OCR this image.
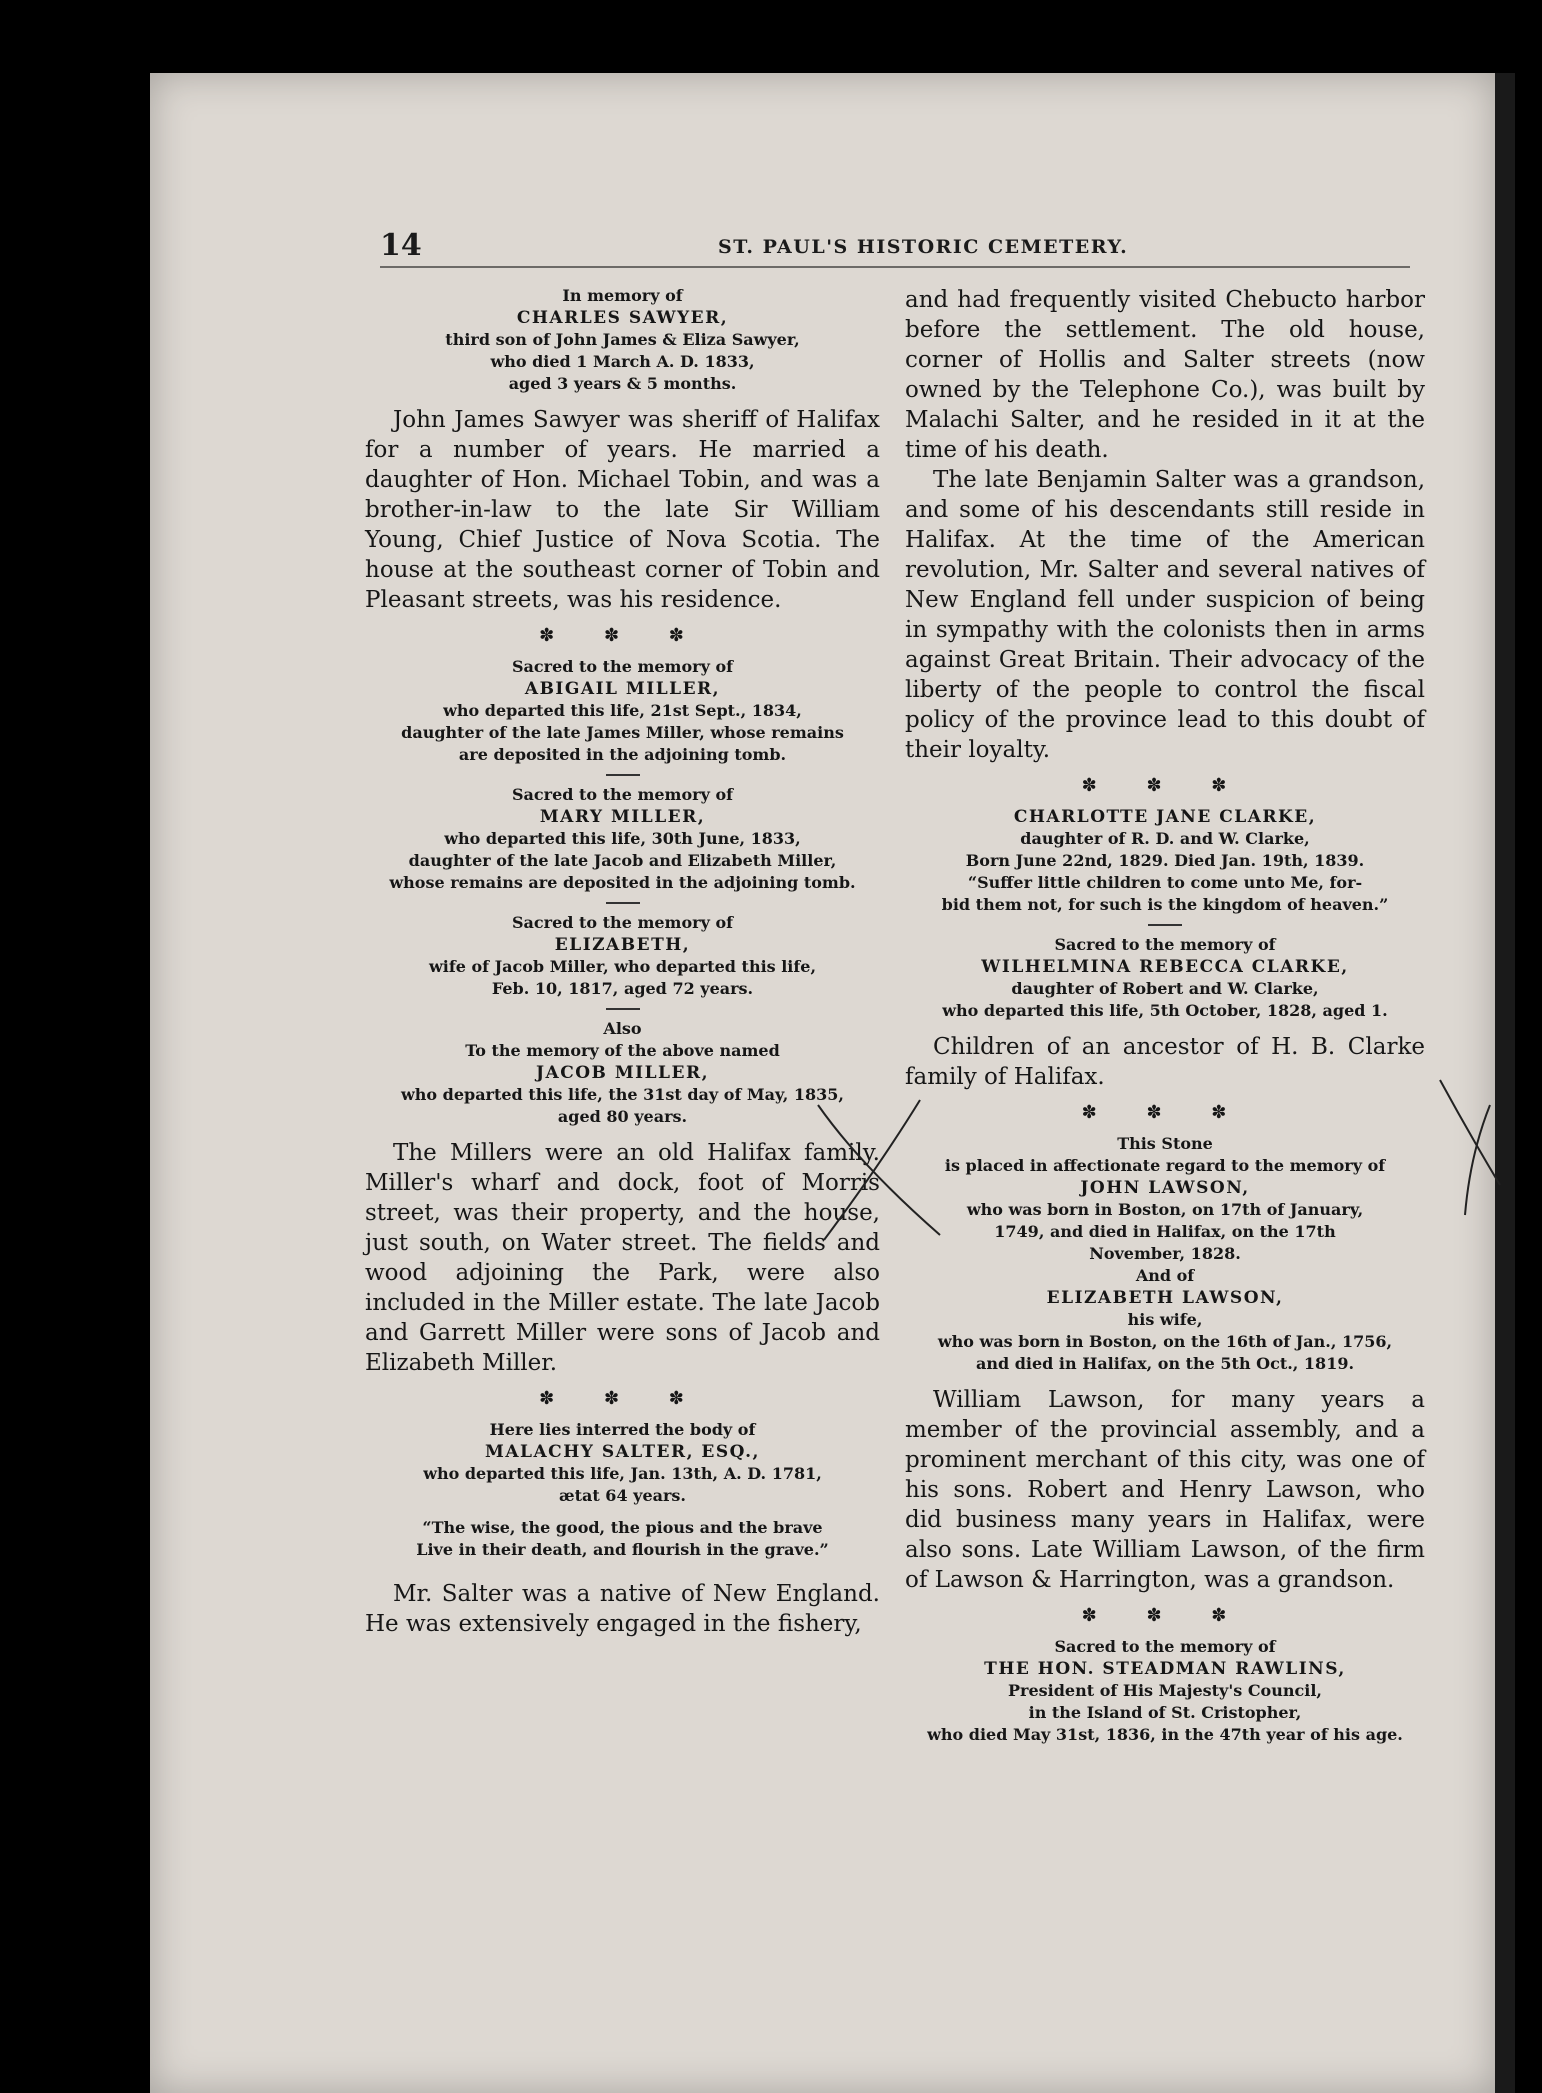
14	ST. PAUL'S HISTORIC CEMETERY.

In memory of

CHARLES SAWYER,

third son of John James & Eliza Sawyer,

who died 1 March A. D. 1833,

aged 3 years & 5 months.

John James Sawyer was sheriff of Halifax for a number of years. He married a daughter of Hon. Michael Tobin, and was a brother-in-law to the late Sir William Young, Chief Justice of Nova Scotia. The house at the southeast corner of Tobin and Pleasant streets, was his residence.

✽ ✽ ✽

Sacred to the memory of

ABIGAIL MILLER,

who departed this life, 21st Sept., 1834,

daughter of the late James Miller, whose remains

are deposited in the adjoining tomb.

Sacred to the memory of

MARY MILLER,

who departed this life, 30th June, 1833,

daughter of the late Jacob and Elizabeth Miller,

whose remains are deposited in the adjoining tomb.

Sacred to the memory of

ELIZABETH,

wife of Jacob Miller, who departed this life,

Feb. 10, 1817, aged 72 years.

Also

To the memory of the above named

JACOB MILLER,

who departed this life, the 31st day of May, 1835,

aged 80 years.

The Millers were an old Halifax family. Miller's wharf and dock, foot of Morris street, was their property, and the house, just south, on Water street. The fields and wood adjoining the Park, were also included in the Miller estate. The late Jacob and Garrett Miller were sons of Jacob and Elizabeth Miller.

✽ ✽ ✽

Here lies interred the body of

MALACHY SALTER, ESQ.,

who departed this life, Jan. 13th, A. D. 1781,

ætat 64 years.

“The wise, the good, the pious and the brave

Live in their death, and flourish in the grave.”

Mr. Salter was a native of New England. He was extensively engaged in the fishery,

and had frequently visited Chebucto harbor before the settlement. The old house, corner of Hollis and Salter streets (now owned by the Telephone Co.), was built by Malachi Salter, and he resided in it at the time of his death.

The late Benjamin Salter was a grandson, and some of his descendants still reside in Halifax. At the time of the American revolution, Mr. Salter and several natives of New England fell under suspicion of being in sympathy with the colonists then in arms against Great Britain. Their advocacy of the liberty of the people to control the fiscal policy of the province lead to this doubt of their loyalty.

✽ ✽ ✽

CHARLOTTE JANE CLARKE,

daughter of R. D. and W. Clarke,

Born June 22nd, 1829. Died Jan. 19th, 1839.

“Suffer little children to come unto Me, for-

bid them not, for such is the kingdom of heaven.”

Sacred to the memory of

WILHELMINA REBECCA CLARKE,

daughter of Robert and W. Clarke,

who departed this life, 5th October, 1828, aged 1.

Children of an ancestor of H. B. Clarke family of Halifax.

✽ ✽ ✽

This Stone

is placed in affectionate regard to the memory of

JOHN LAWSON,

who was born in Boston, on 17th of January,

1749, and died in Halifax, on the 17th

November, 1828.

And of

ELIZABETH LAWSON,

his wife,

who was born in Boston, on the 16th of Jan., 1756,

and died in Halifax, on the 5th Oct., 1819.

William Lawson, for many years a member of the provincial assembly, and a prominent merchant of this city, was one of his sons. Robert and Henry Lawson, who did business many years in Halifax, were also sons. Late William Lawson, of the firm of Lawson & Harrington, was a grandson.

✽ ✽ ✽

Sacred to the memory of

THE HON. STEADMAN RAWLINS,

President of His Majesty's Council,

in the Island of St. Cristopher,

who died May 31st, 1836, in the 47th year of his age.
